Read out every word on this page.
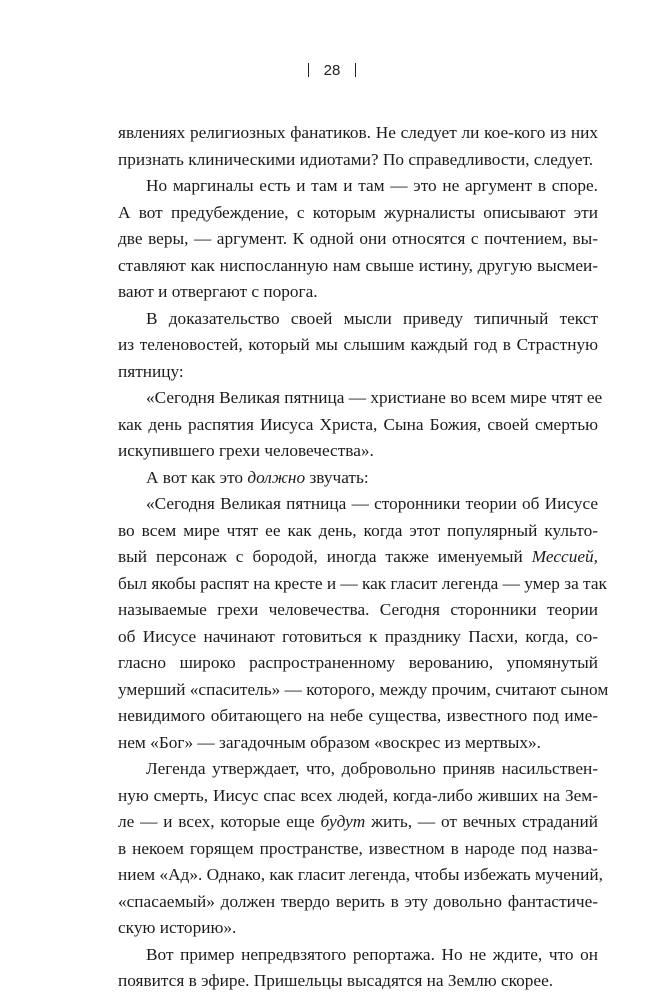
28
явлениях религиозных фанатиков. Не следует ли кое-кого из них
признать клиническими идиотами? По справедливости, следует.
Но маргиналы есть и там и там — это не аргумент в споре.
А вот предубеждение, с которым журналисты описывают эти
две веры, — аргумент. К одной они относятся с почтением, вы-
ставляют как ниспосланную нам свыше истину, другую высмеи-
вают и отвергают с порога.
В доказательство своей мысли приведу типичный текст
из теленовостей, который мы слышим каждый год в Страстную
пятницу:
«Сегодня Великая пятница — христиане во всем мире чтят ее
как день распятия Иисуса Христа, Сына Божия, своей смертью
искупившего грехи человечества».
А вот как это должно звучать:
«Сегодня Великая пятница — сторонники теории об Иисусе
во всем мире чтят ее как день, когда этот популярный культо-
вый персонаж с бородой, иногда также именуемый Мессией,
был якобы распят на кресте и — как гласит легенда — умер за так
называемые грехи человечества. Сегодня сторонники теории
об Иисусе начинают готовиться к празднику Пасхи, когда, со-
гласно широко распространенному верованию, упомянутый
умерший «спаситель» — которого, между прочим, считают сыном
невидимого обитающего на небе существа, известного под име-
нем «Бог» — загадочным образом «воскрес из мертвых».
Легенда утверждает, что, добровольно приняв насильствен-
ную смерть, Иисус спас всех людей, когда-либо живших на Зем-
ле — и всех, которые еще будут жить, — от вечных страданий
в некоем горящем пространстве, известном в народе под назва-
нием «Ад». Однако, как гласит легенда, чтобы избежать мучений,
«спасаемый» должен твердо верить в эту довольно фантастиче-
скую историю».
Вот пример непредвзятого репортажа. Но не ждите, что он
появится в эфире. Пришельцы высадятся на Землю скорее.
